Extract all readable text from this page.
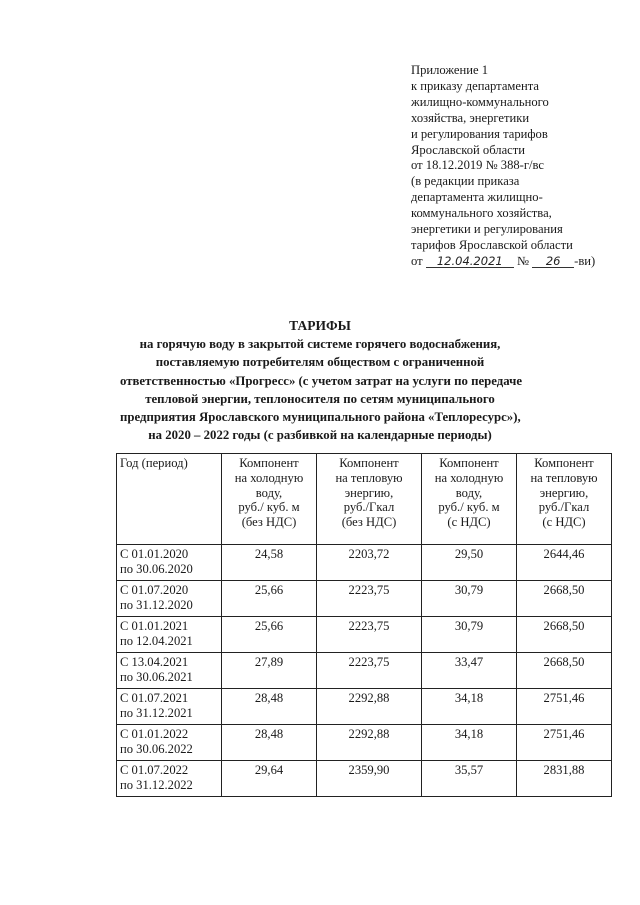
Приложение 1
к приказу департамента
жилищно-коммунального
хозяйства, энергетики
и регулирования тарифов
Ярославской области
от 18.12.2019 № 388-г/вс
(в редакции приказа
департамента жилищно-
коммунального хозяйства,
энергетики и регулирования
тарифов Ярославской области
от 12.04.2021 № 26 -ви)
ТАРИФЫ
на горячую воду в закрытой системе горячего водоснабжения,
поставляемую потребителям обществом с ограниченной
ответственностью «Прогресс» (с учетом затрат на услуги по передаче
тепловой энергии, теплоносителя по сетям муниципального
предприятия Ярославского муниципального района «Теплоресурс»),
на 2020 – 2022 годы (с разбивкой на календарные периоды)
Год (период)	Компонент
на холодную
воду,
руб./ куб. м
(без НДС)	Компонент
на тепловую
энергию,
руб./Гкал
(без НДС)	Компонент
на холодную
воду,
руб./ куб. м
(с НДС)	Компонент
на тепловую
энергию,
руб./Гкал
(с НДС)

С 01.01.2020
по 30.06.2020	24,58	2203,72	29,50	2644,46

С 01.07.2020
по 31.12.2020	25,66	2223,75	30,79	2668,50

С 01.01.2021
по 12.04.2021	25,66	2223,75	30,79	2668,50

С 13.04.2021
по 30.06.2021	27,89	2223,75	33,47	2668,50

С 01.07.2021
по 31.12.2021	28,48	2292,88	34,18	2751,46

С 01.01.2022
по 30.06.2022	28,48	2292,88	34,18	2751,46

С 01.07.2022
по 31.12.2022	29,64	2359,90	35,57	2831,88
